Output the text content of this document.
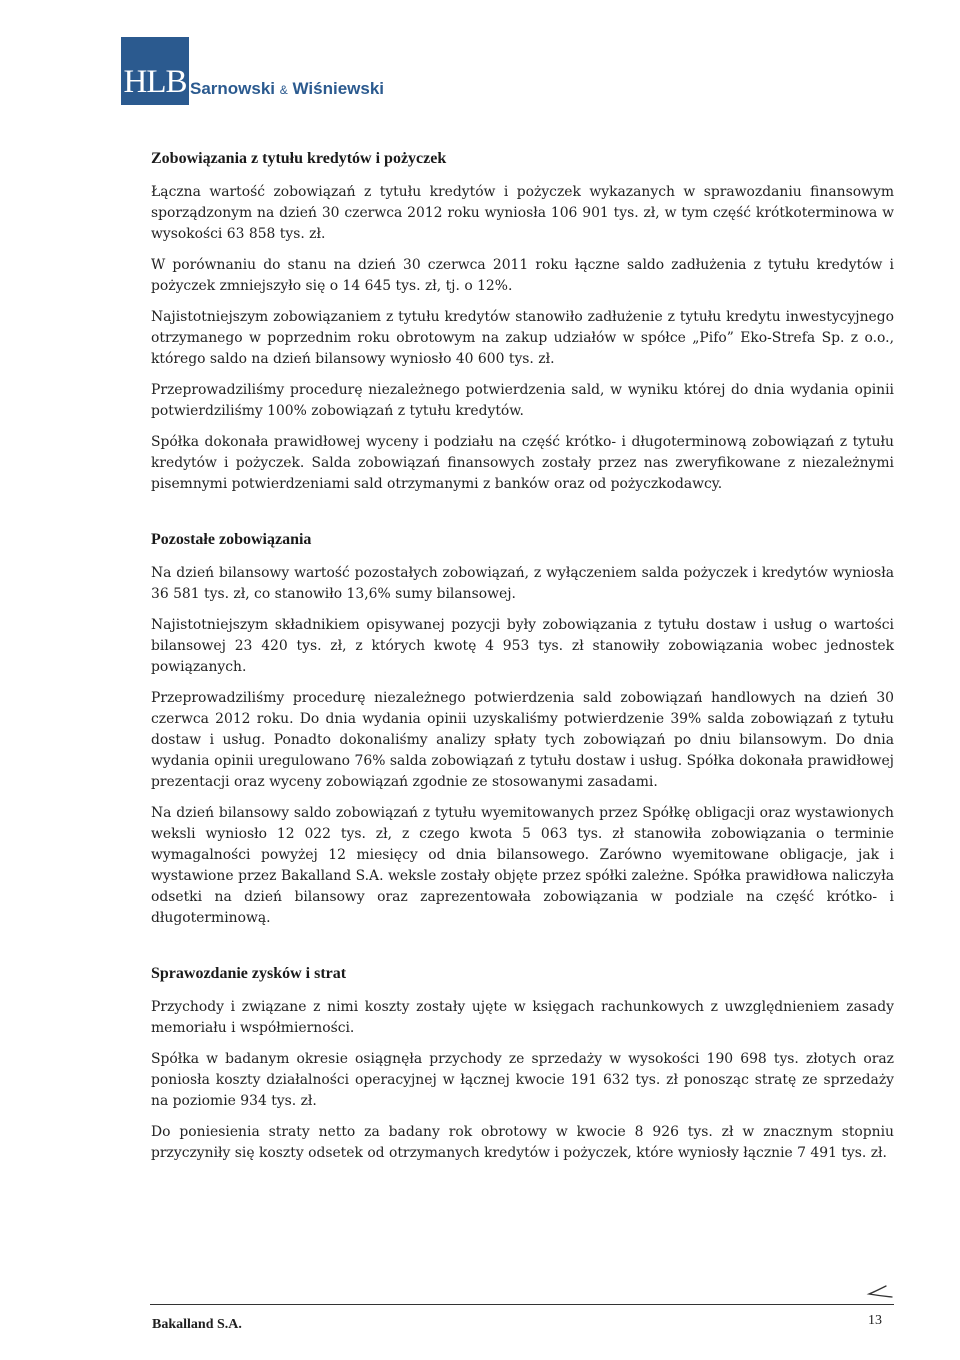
HLB Sarnowski & Wiśniewski
Zobowiązania z tytułu kredytów i pożyczek

Łączna wartość zobowiązań z tytułu kredytów i pożyczek wykazanych w sprawozdaniu finansowym sporządzonym na dzień 30 czerwca 2012 roku wyniosła 106 901 tys. zł, w tym część krótkoterminowa w wysokości 63 858 tys. zł.

W porównaniu do stanu na dzień 30 czerwca 2011 roku łączne saldo zadłużenia z tytułu kredytów i pożyczek zmniejszyło się o 14 645 tys. zł, tj. o 12%.

Najistotniejszym zobowiązaniem z tytułu kredytów stanowiło zadłużenie z tytułu kredytu inwestycyjnego otrzymanego w poprzednim roku obrotowym na zakup udziałów w spółce „Pifo” Eko-Strefa Sp. z o.o., którego saldo na dzień bilansowy wyniosło 40 600 tys. zł.

Przeprowadziliśmy procedurę niezależnego potwierdzenia sald, w wyniku której do dnia wydania opinii potwierdziliśmy 100% zobowiązań z tytułu kredytów.

Spółka dokonała prawidłowej wyceny i podziału na część krótko- i długoterminową zobowiązań z tytułu kredytów i pożyczek. Salda zobowiązań finansowych zostały przez nas zweryfikowane z niezależnymi pisemnymi potwierdzeniami sald otrzymanymi z banków oraz od pożyczkodawcy.

Pozostałe zobowiązania

Na dzień bilansowy wartość pozostałych zobowiązań, z wyłączeniem salda pożyczek i kredytów wyniosła 36 581 tys. zł, co stanowiło 13,6% sumy bilansowej.

Najistotniejszym składnikiem opisywanej pozycji były zobowiązania z tytułu dostaw i usług o wartości bilansowej 23 420 tys. zł, z których kwotę 4 953 tys. zł stanowiły zobowiązania wobec jednostek powiązanych.

Przeprowadziliśmy procedurę niezależnego potwierdzenia sald zobowiązań handlowych na dzień 30 czerwca 2012 roku. Do dnia wydania opinii uzyskaliśmy potwierdzenie 39% salda zobowiązań z tytułu dostaw i usług. Ponadto dokonaliśmy analizy spłaty tych zobowiązań po dniu bilansowym. Do dnia wydania opinii uregulowano 76% salda zobowiązań z tytułu dostaw i usług. Spółka dokonała prawidłowej prezentacji oraz wyceny zobowiązań zgodnie ze stosowanymi zasadami.

Na dzień bilansowy saldo zobowiązań z tytułu wyemitowanych przez Spółkę obligacji oraz wystawionych weksli wyniosło 12 022 tys. zł, z czego kwota 5 063 tys. zł stanowiła zobowiązania o terminie wymagalności powyżej 12 miesięcy od dnia bilansowego. Zarówno wyemitowane obligacje, jak i wystawione przez Bakalland S.A. weksle zostały objęte przez spółki zależne. Spółka prawidłowa naliczyła odsetki na dzień bilansowy oraz zaprezentowała zobowiązania w podziale na część krótko- i długoterminową.

Sprawozdanie zysków i strat

Przychody i związane z nimi koszty zostały ujęte w księgach rachunkowych z uwzględnieniem zasady memoriału i współmierności.

Spółka w badanym okresie osiągnęła przychody ze sprzedaży w wysokości 190 698 tys. złotych oraz poniosła koszty działalności operacyjnej w łącznej kwocie 191 632 tys. zł ponosząc stratę ze sprzedaży na poziomie 934 tys. zł.

Do poniesienia straty netto za badany rok obrotowy w kwocie 8 926 tys. zł w znacznym stopniu przyczyniły się koszty odsetek od otrzymanych kredytów i pożyczek, które wyniosły łącznie 7 491 tys. zł.

Bakalland S.A.	13
